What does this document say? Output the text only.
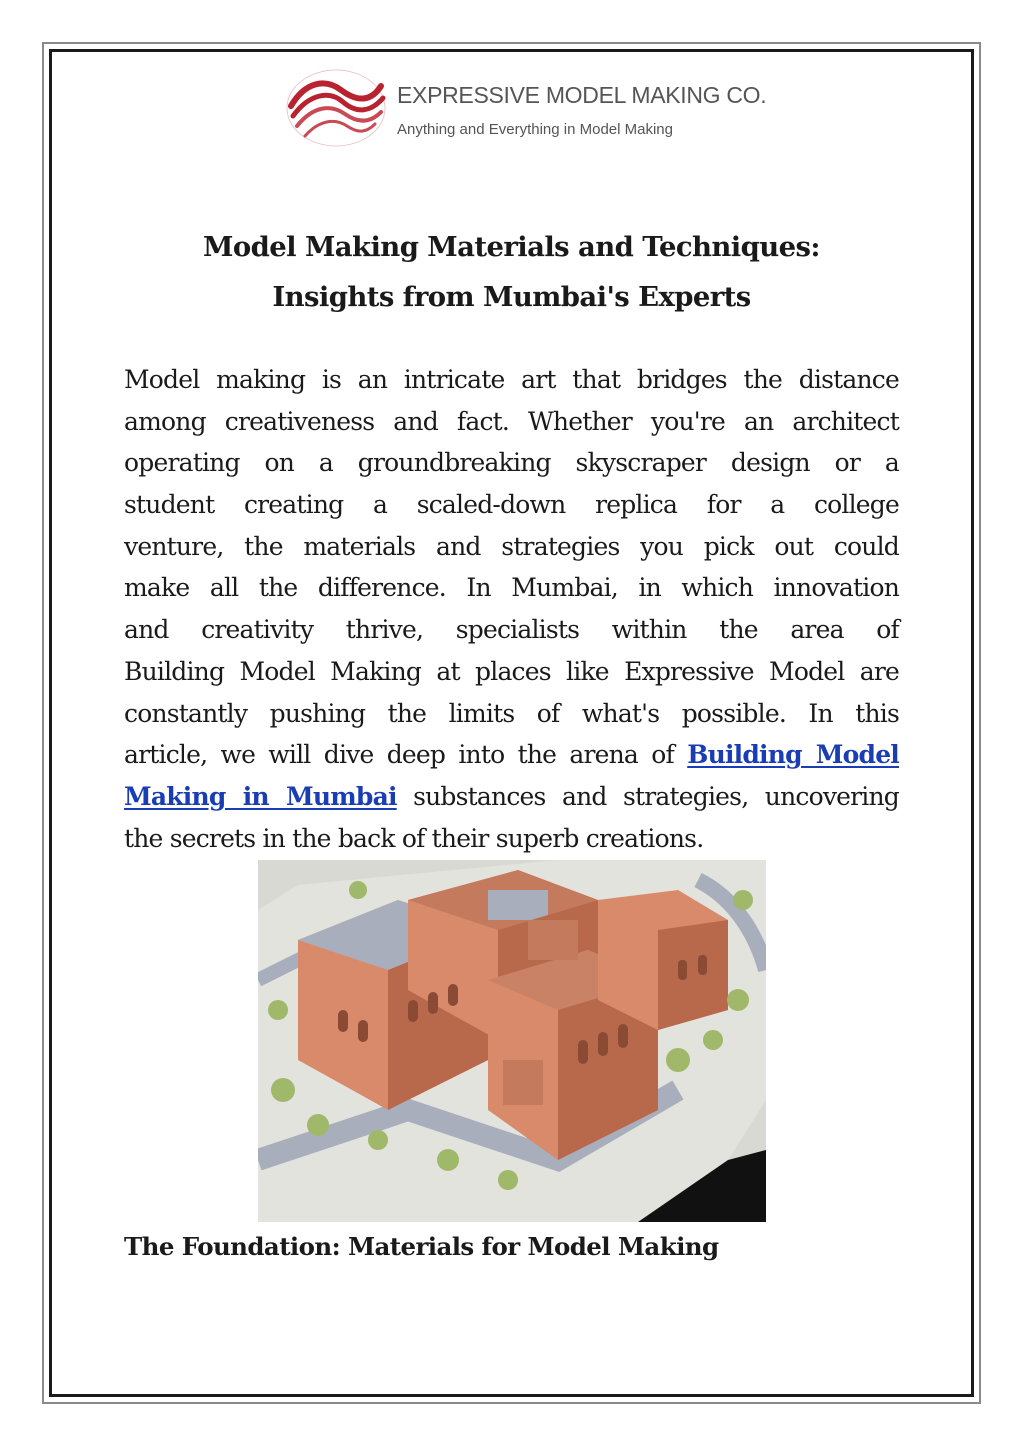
EXPRESSIVE MODEL MAKING CO.
Anything and Everything in Model Making
Model Making Materials and Techniques:
Insights from Mumbai's Experts
Model making is an intricate art that bridges the distance
among creativeness and fact. Whether you're an architect
operating on a groundbreaking skyscraper design or a
student creating a scaled-down replica for a college
venture, the materials and strategies you pick out could
make all the difference. In Mumbai, in which innovation
and creativity thrive, specialists within the area of
Building Model Making at places like Expressive Model are
constantly pushing the limits of what's possible. In this
article, we will dive deep into the arena of Building Model
Making in Mumbai substances and strategies, uncovering
the secrets in the back of their superb creations.
The Foundation: Materials for Model Making
